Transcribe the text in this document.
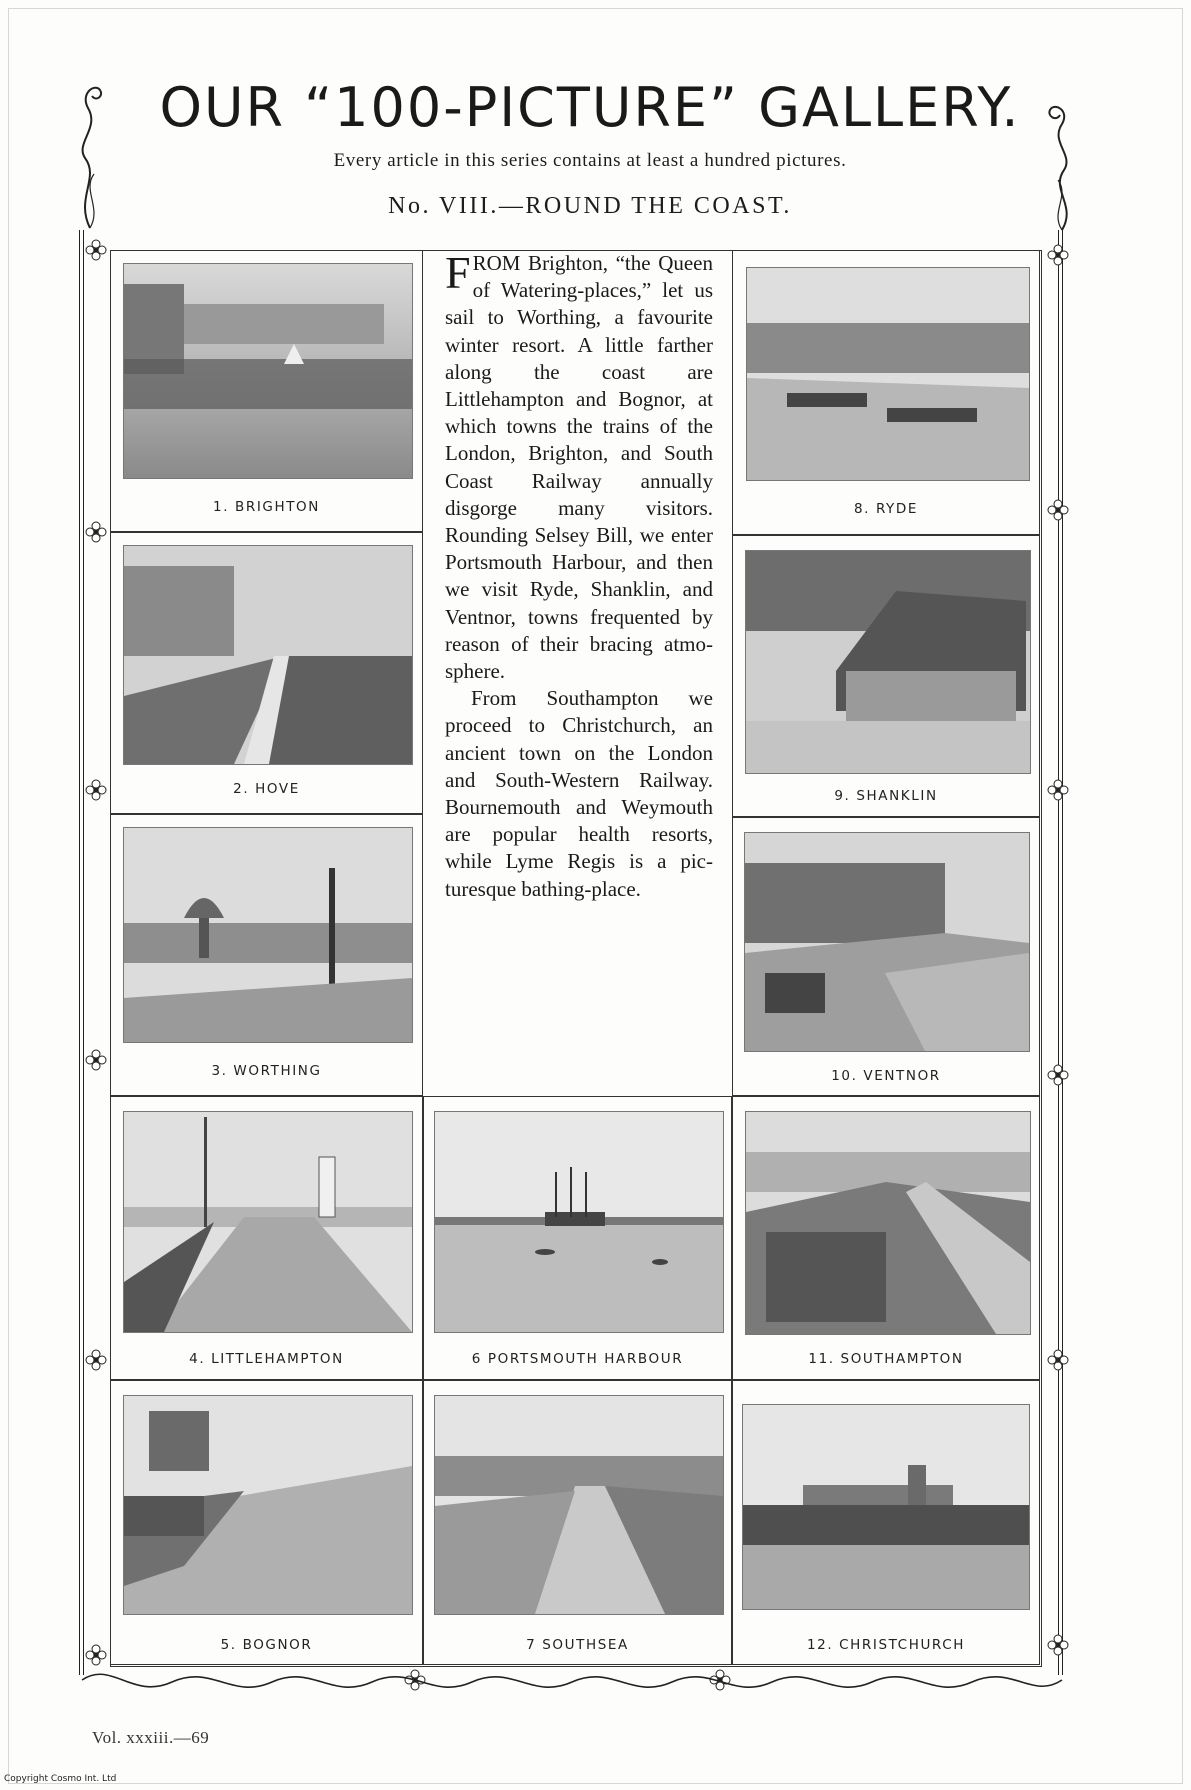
OUR “100-PICTURE” GALLERY.
Every article in this series contains at least a hundred pictures.
No. VIII.—ROUND THE COAST.
1. BRIGHTON
2. HOVE
3. WORTHING
4. LITTLEHAMPTON
5. BOGNOR
6 PORTSMOUTH HARBOUR
7 SOUTHSEA
8. RYDE
9. SHANKLIN
10. VENTNOR
11. SOUTHAMPTON
12. CHRISTCHURCH

FROM Brighton, “the Queen of Watering-places,” let us sail to Worthing, a favourite winter resort. A little farther along the coast are Littlehampton and Bognor, at which towns the trains of the London, Brighton, and South Coast Railway annually disgorge many visitors. Rounding Selsey Bill, we enter Portsmouth Harbour, and then we visit Ryde, Shanklin, and Ventnor, towns frequented by reason of their bracing atmosphere.

From Southampton we proceed to Christchurch, an ancient town on the London and South-Western Railway. Bournemouth and Weymouth are popular health resorts, while Lyme Regis is a picturesque bathing-place.

Vol. xxxiii.—69
Copyright Cosmo Int. Ltd
